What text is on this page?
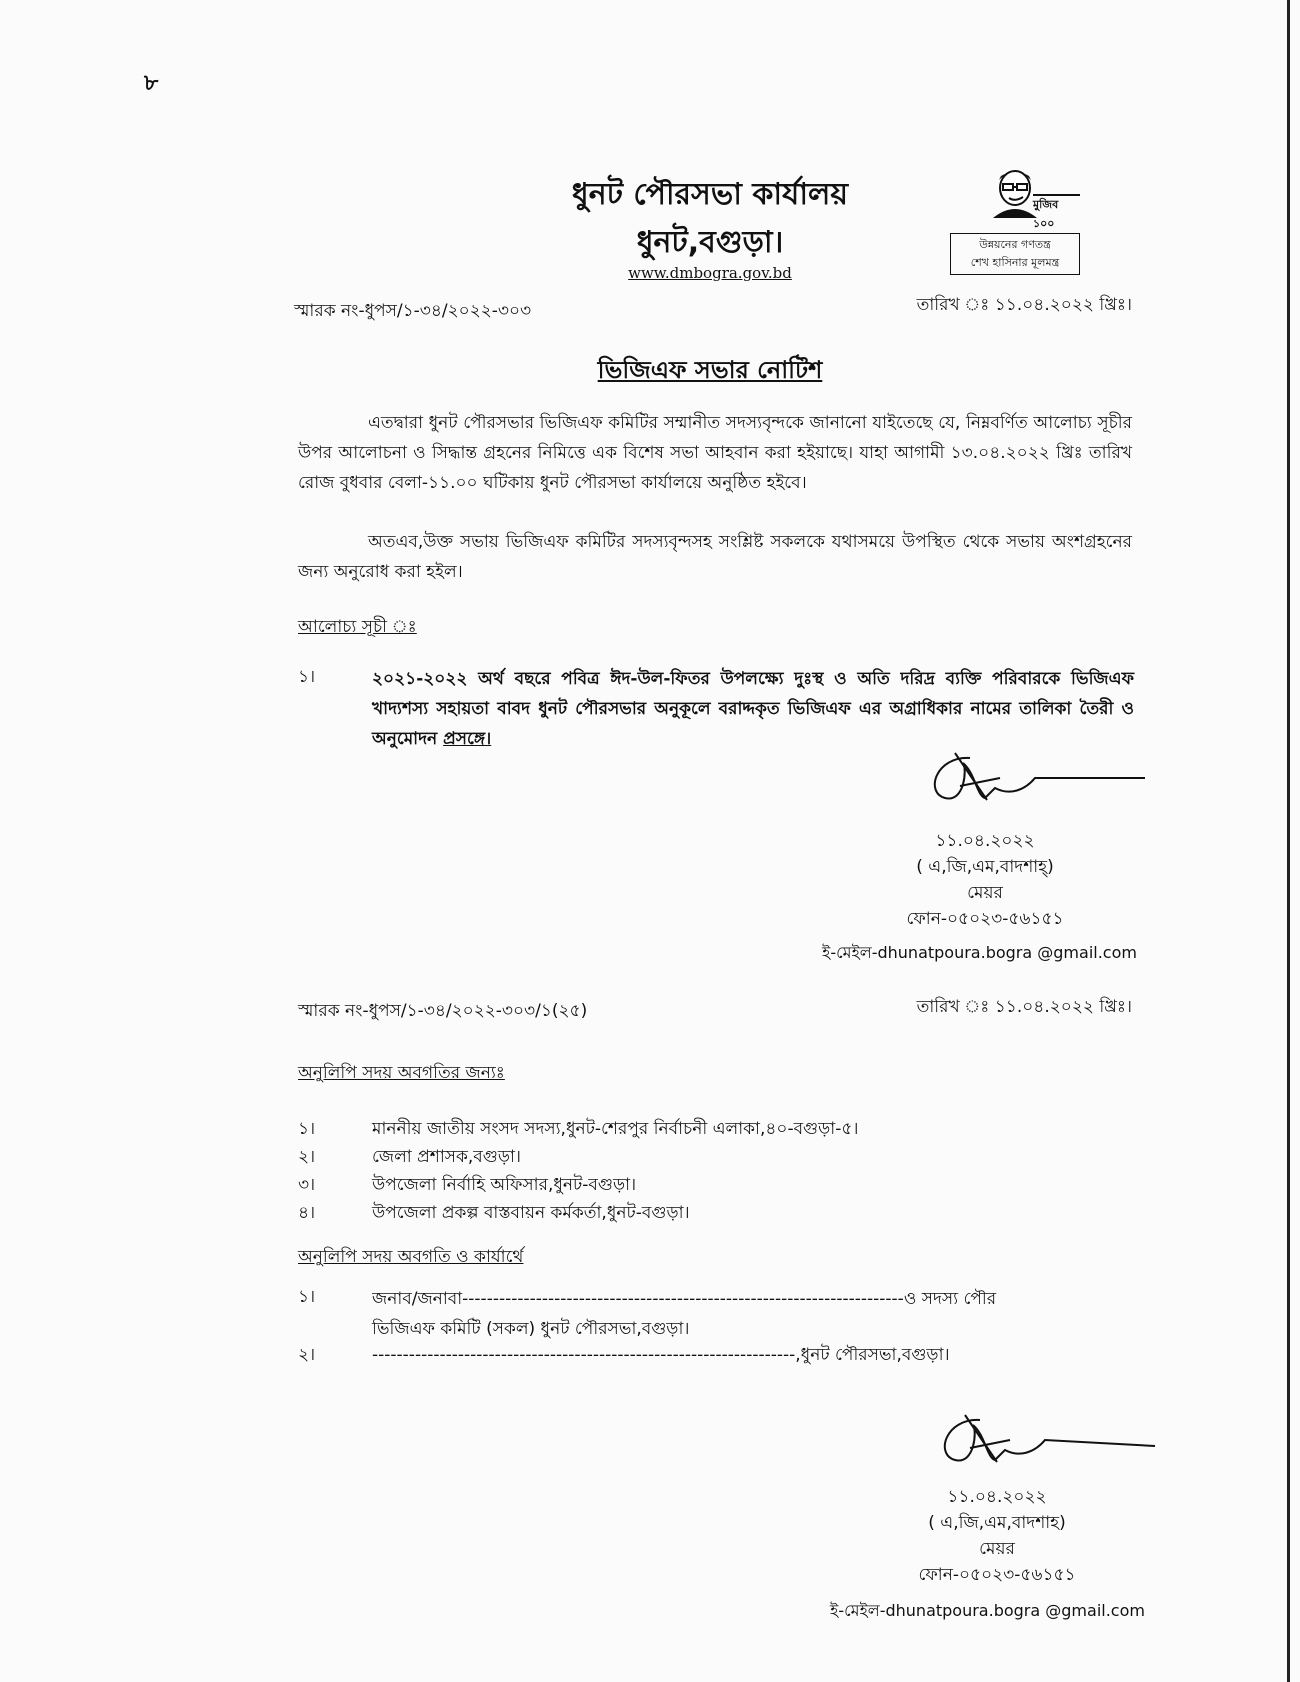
৮
ধুনট পৌরসভা কার্যালয়
ধুনট,বগুড়া।
www.dmbogra.gov.bd
মুজিব ১০০
উন্নয়নের গণতন্ত্র
শেখ হাসিনার মূলমন্ত্র
স্মারক নং-ধুপস/১-৩৪/২০২২-৩০৩	তারিখ ঃ ১১.০৪.২০২২ খ্রিঃ।
ভিজিএফ সভার নোটিশ
এতদ্বারা ধুনট পৌরসভার ভিজিএফ কমিটির সম্মানীত সদস্যবৃন্দকে জানানো যাইতেছে যে, নিম্নবর্ণিত আলোচ্য সূচীর উপর আলোচনা ও সিদ্ধান্ত গ্রহনের নিমিত্তে এক বিশেষ সভা আহবান করা হইয়াছে। যাহা আগামী ১৩.০৪.২০২২ খ্রিঃ তারিখ রোজ বুধবার বেলা-১১.০০ ঘটিকায় ধুনট পৌরসভা কার্যালয়ে অনুষ্ঠিত হইবে।
অতএব,উক্ত সভায় ভিজিএফ কমিটির সদস্যবৃন্দসহ সংশ্লিষ্ট সকলকে যথাসময়ে উপস্থিত থেকে সভায় অংশগ্রহনের জন্য অনুরোধ করা হইল।
আলোচ্য সূচী ঃ
১।	২০২১-২০২২ অর্থ বছরে পবিত্র ঈদ-উল-ফিতর উপলক্ষ্যে দুঃস্থ ও অতি দরিদ্র ব্যক্তি পরিবারকে ভিজিএফ খাদ্যশস্য সহায়তা বাবদ ধুনট পৌরসভার অনুকূলে বরাদ্দকৃত ভিজিএফ এর অগ্রাধিকার নামের তালিকা তৈরী ও অনুমোদন প্রসঙ্গে।
১১.০৪.২০২২
( এ,জি,এম,বাদশাহ্)
মেয়র
ফোন-০৫০২৩-৫৬১৫১
ই-মেইল-dhunatpoura.bogra @gmail.com
স্মারক নং-ধুপস/১-৩৪/২০২২-৩০৩/১(২৫)	তারিখ ঃ ১১.০৪.২০২২ খ্রিঃ।
অনুলিপি সদয় অবগতির জন্যঃ
১।	মাননীয় জাতীয় সংসদ সদস্য,ধুনট-শেরপুর নির্বাচনী এলাকা,৪০-বগুড়া-৫।
২।	জেলা প্রশাসক,বগুড়া।
৩।	উপজেলা নির্বাহি অফিসার,ধুনট-বগুড়া।
৪।	উপজেলা প্রকল্প বাস্তবায়ন কর্মকর্তা,ধুনট-বগুড়া।
অনুলিপি সদয় অবগতি ও কার্যার্থে
১।	জনাব/জনাবা------------------------------------------------------------------------ও সদস্য পৌর
ভিজিএফ কমিটি (সকল) ধুনট পৌরসভা,বগুড়া।
২।	---------------------------------------------------------------------,ধুনট পৌরসভা,বগুড়া।
১১.০৪.২০২২
( এ,জি,এম,বাদশাহ)
মেয়র
ফোন-০৫০২৩-৫৬১৫১
ই-মেইল-dhunatpoura.bogra @gmail.com
